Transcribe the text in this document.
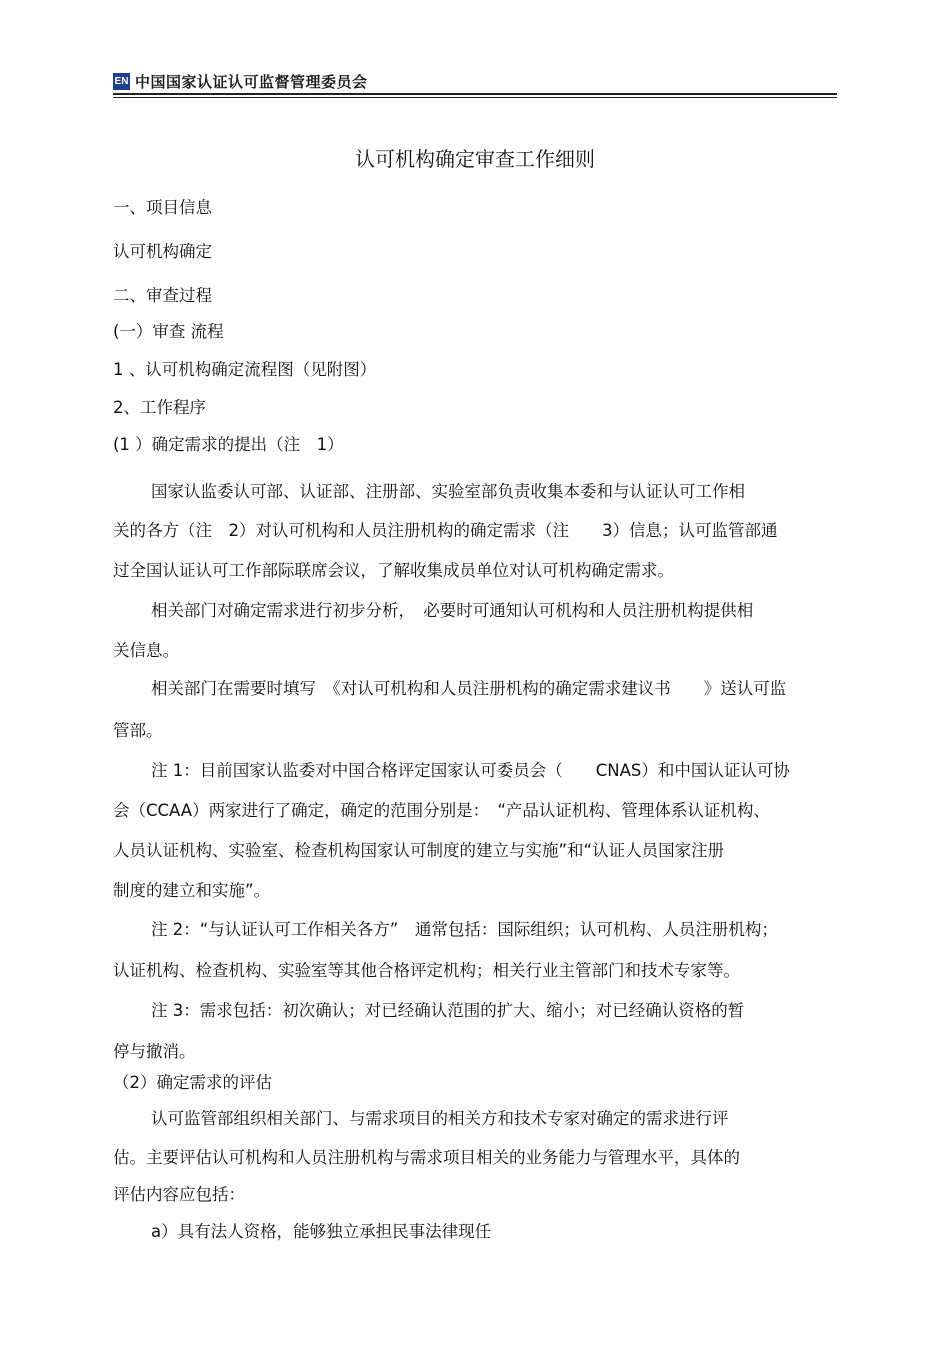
EN 中国国家认证认可监督管理委员会
认可机构确定审查工作细则
一、项目信息
认可机构确定
二、审查过程
(一）审查 流程
1 、认可机构确定流程图（见附图）
2、工作程序
(1 ）确定需求的提出（注　1）
国家认监委认可部、认证部、注册部、实验室部负责收集本委和与认证认可工作相
关的各方（注　2）对认可机构和人员注册机构的确定需求（注　　3）信息；认可监管部通
过全国认证认可工作部际联席会议，了解收集成员单位对认可机构确定需求。
相关部门对确定需求进行初步分析，　必要时可通知认可机构和人员注册机构提供相
关信息。
相关部门在需要时填写　《对认可机构和人员注册机构的确定需求建议书　　》送认可监
管部。
注 1：目前国家认监委对中国合格评定国家认可委员会（　　CNAS）和中国认证认可协
会（CCAA）两家进行了确定，确定的范围分别是：　“产品认证机构、管理体系认证机构、
人员认证机构、实验室、检查机构国家认可制度的建立与实施”和“认证人员国家注册
制度的建立和实施”。
注 2：“与认证认可工作相关各方”　通常包括：国际组织；认可机构、人员注册机构；
认证机构、检查机构、实验室等其他合格评定机构；相关行业主管部门和技术专家等。
注 3：需求包括：初次确认；对已经确认范围的扩大、缩小；对已经确认资格的暂
停与撤消。
（2）确定需求的评估
认可监管部组织相关部门、与需求项目的相关方和技术专家对确定的需求进行评
估。主要评估认可机构和人员注册机构与需求项目相关的业务能力与管理水平，具体的
评估内容应包括：
a）具有法人资格，能够独立承担民事法律现任
